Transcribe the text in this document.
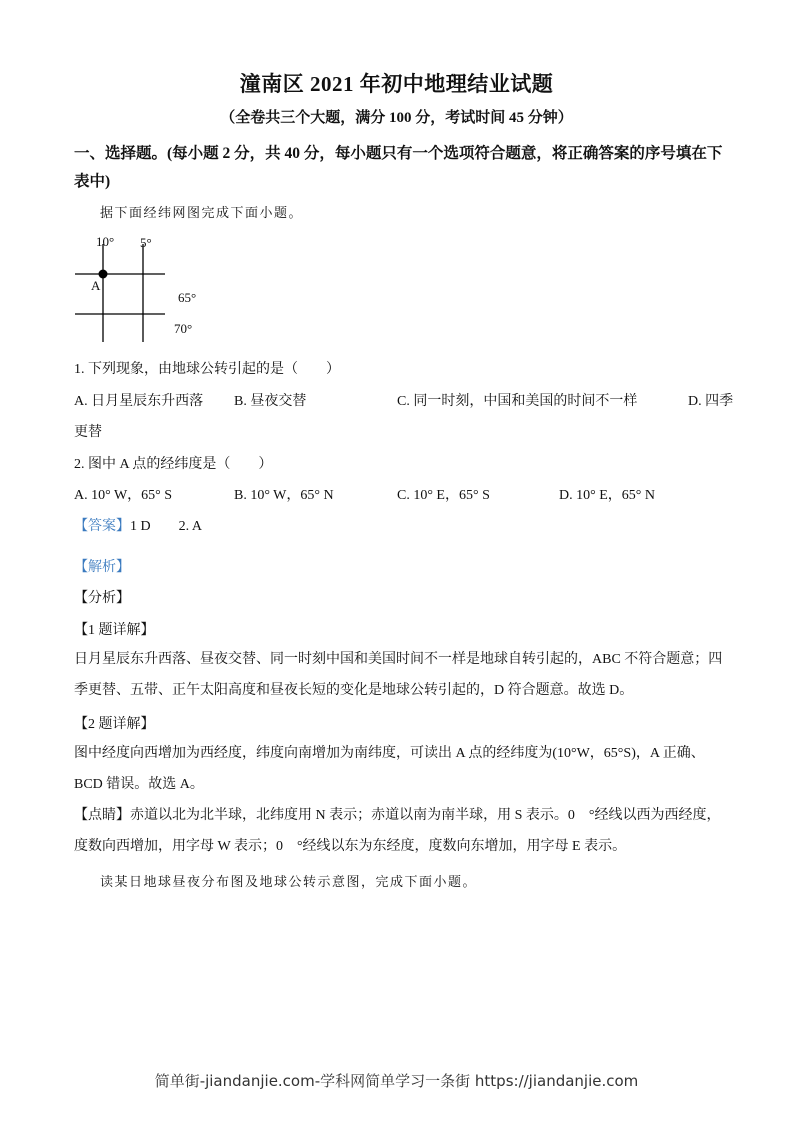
潼南区 2021 年初中地理结业试题
（全卷共三个大题，满分 100 分，考试时间 45 分钟）
一、选择题。(每小题 2 分，共 40 分，每小题只有一个选项符合题意，将正确答案的序号填在下表中)
据下面经纬网图完成下面小题。
10° 5°
A
65°
70°
1. 下列现象，由地球公转引起的是（　　）
A. 日月星辰东升西落 B. 昼夜交替	C. 同一时刻，中国和美国的时间不一样	D. 四季
更替
2. 图中 A 点的经纬度是（　　）
A. 10° W，65° S	B. 10° W，65° N	C. 10° E，65° S	D. 10° E，65° N
【答案】1 D　　2. A
【解析】
【分析】
【1 题详解】
日月星辰东升西落、昼夜交替、同一时刻中国和美国时间不一样是地球自转引起的，ABC 不符合题意；四季更替、五带、正午太阳高度和昼夜长短的变化是地球公转引起的，D 符合题意。故选 D。
【2 题详解】
图中经度向西增加为西经度，纬度向南增加为南纬度，可读出 A 点的经纬度为(10°W，65°S)，A 正确、BCD 错误。故选 A。
【点睛】赤道以北为北半球，北纬度用 N 表示；赤道以南为南半球，用 S 表示。0　°经线以西为西经度，度数向西增加，用字母 W 表示；0　°经线以东为东经度，度数向东增加，用字母 E 表示。
读某日地球昼夜分布图及地球公转示意图，完成下面小题。
简单街-jiandanjie.com-学科网简单学习一条街 https://jiandanjie.com
